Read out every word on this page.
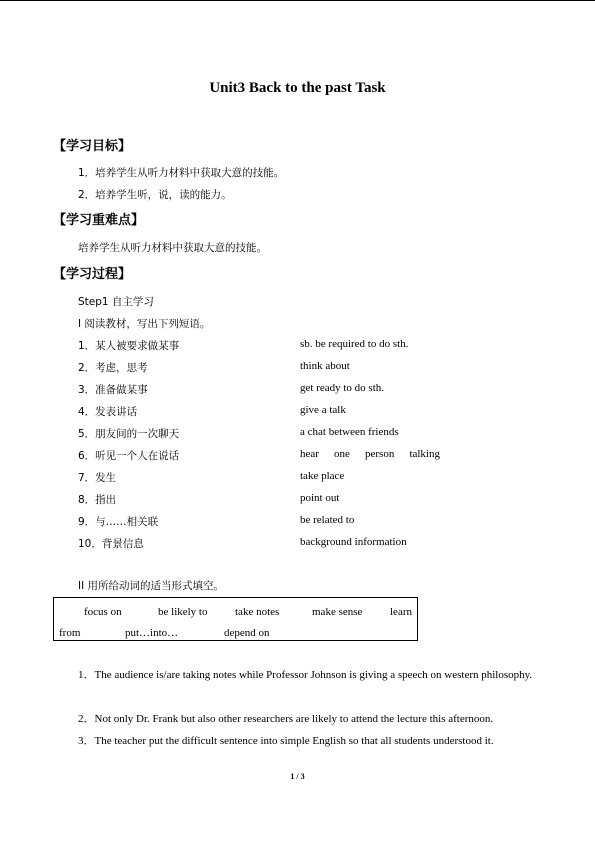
Unit3 Back to the past Task
【学习目标】
1．培养学生从听力材料中获取大意的技能。
2．培养学生听，说，读的能力。
【学习重难点】
培养学生从听力材料中获取大意的技能。
【学习过程】
Step1 自主学习
I 阅读教材，写出下列短语。
1．某人被要求做某事	sb. be required to do sth.
2．考虑，思考	think about
3．准备做某事	get ready to do sth.
4．发表讲话	give a talk
5．朋友间的一次聊天	a chat between friends
6．听见一个人在说话	hear one person talking
7．发生	take place
8．指出	point out
9．与……相关联	be related to
10．背景信息	background information
II 用所给动词的适当形式填空。
focus on	be likely to	take notes	make sense	learn
from	put…into…	depend on
1．The audience is/are taking notes while Professor Johnson is giving a speech on western philosophy.
2．Not only Dr. Frank but also other researchers are likely to attend the lecture this afternoon.
3．The teacher put the difficult sentence into simple English so that all students understood it.
1 / 3
